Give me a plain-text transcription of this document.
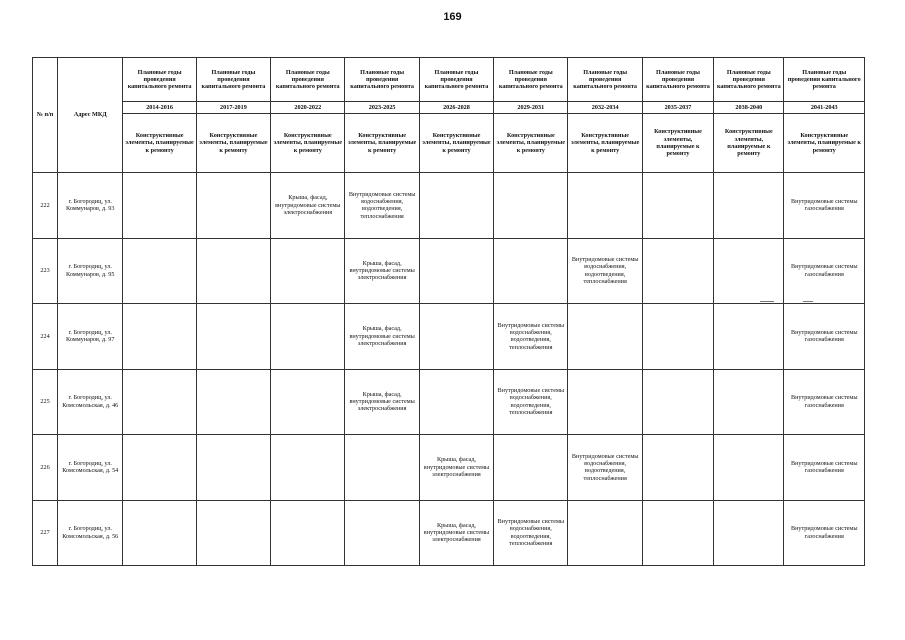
169
№ п/п	Адрес МКД	Плановые годы проведения капитального ремонта	Плановые годы проведения капитального ремонта	Плановые годы проведения капитального ремонта	Плановые годы проведения капитального ремонта	Плановые годы проведения капитального ремонта	Плановые годы проведения капитального ремонта	Плановые годы проведения капитального ремонта	Плановые годы проведения капитального ремонта	Плановые годы проведения капитального ремонта	Плановые годы проведения капитального ремонта
		2014-2016	2017-2019	2020-2022	2023-2025	2026-2028	2029-2031	2032-2034	2035-2037	2038-2040	2041-2043
		Конструктивные элементы, планируемые к ремонту	Конструктивные элементы, планируемые к ремонту	Конструктивные элементы, планируемые к ремонту	Конструктивные элементы, планируемые к ремонту	Конструктивные элементы, планируемые к ремонту	Конструктивные элементы, планируемые к ремонту	Конструктивные элементы, планируемые к ремонту	Конструктивные элементы, планируемые к ремонту	Конструктивные элементы, планируемые к ремонту	Конструктивные элементы, планируемые к ремонту
222	г. Богородиц, ул. Коммунаров, д. 93			Крыша, фасад, внутридомовые системы электроснабжения	Внутридомовые системы водоснабжения, водоотведения, теплоснабжения						Внутридомовые системы газоснабжения
223	г. Богородиц, ул. Коммунаров, д. 95				Крыша, фасад, внутридомовые системы электроснабжения			Внутридомовые системы водоснабжения, водоотведения, теплоснабжения			Внутридомовые системы газоснабжения
224	г. Богородиц, ул. Коммунаров, д. 97				Крыша, фасад, внутридомовые системы электроснабжения		Внутридомовые системы водоснабжения, водоотведения, теплоснабжения				Внутридомовые системы газоснабжения
225	г. Богородиц, ул. Комсомольская, д. 46				Крыша, фасад, внутридомовые системы электроснабжения		Внутридомовые системы водоснабжения, водоотведения, теплоснабжения				Внутридомовые системы газоснабжения
226	г. Богородиц, ул. Комсомольская, д. 54					Крыша, фасад, внутридомовые системы электроснабжения		Внутридомовые системы водоснабжения, водоотведения, теплоснабжения			Внутридомовые системы газоснабжения
227	г. Богородиц, ул. Комсомольская, д. 56					Крыша, фасад, внутридомовые системы электроснабжения	Внутридомовые системы водоснабжения, водоотведения, теплоснабжения				Внутридомовые системы газоснабжения
